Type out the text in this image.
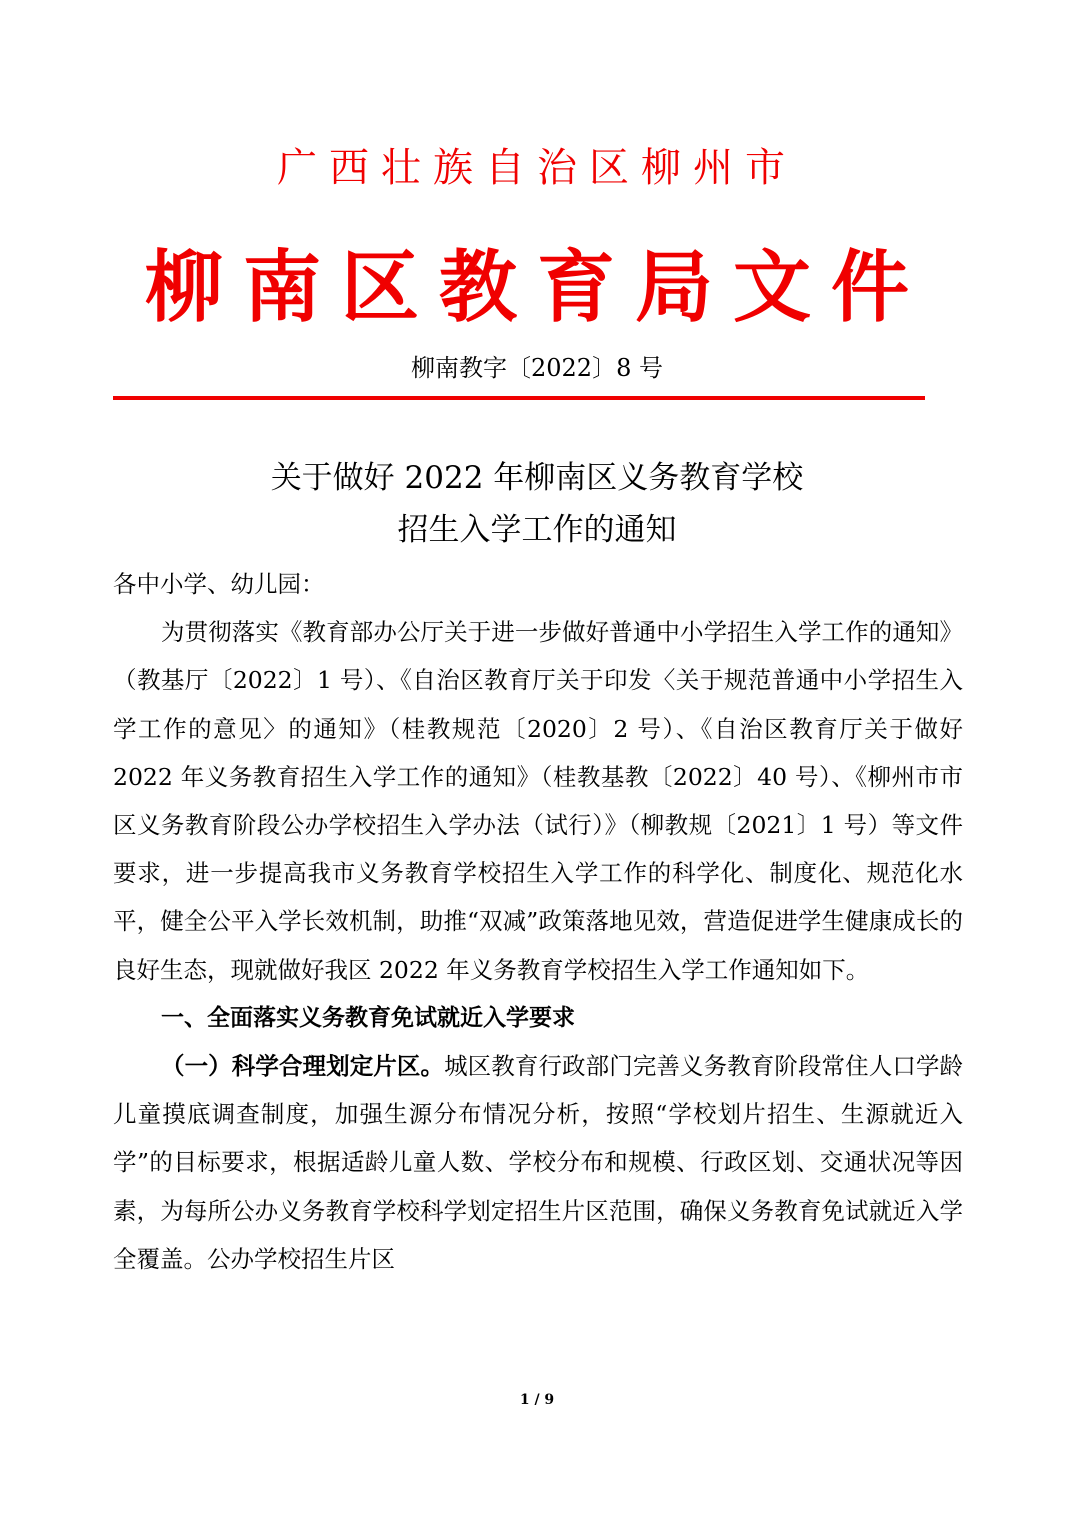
广西壮族自治区柳州市
柳南区教育局文件
柳南教字〔2022〕8 号
关于做好 2022 年柳南区义务教育学校
招生入学工作的通知

各中小学、幼儿园：

为贯彻落实《教育部办公厅关于进一步做好普通中小学招生入学工作的通知》（教基厅〔2022〕1 号）、《自治区教育厅关于印发〈关于规范普通中小学招生入学工作的意见〉的通知》（桂教规范〔2020〕2 号）、《自治区教育厅关于做好 2022 年义务教育招生入学工作的通知》（桂教基教〔2022〕40 号）、《柳州市市区义务教育阶段公办学校招生入学办法（试行）》（柳教规〔2021〕1 号）等文件要求，进一步提高我市义务教育学校招生入学工作的科学化、制度化、规范化水平，健全公平入学长效机制，助推“双减”政策落地见效，营造促进学生健康成长的良好生态，现就做好我区 2022 年义务教育学校招生入学工作通知如下。

一、全面落实义务教育免试就近入学要求

（一）科学合理划定片区。城区教育行政部门完善义务教育阶段常住人口学龄儿童摸底调查制度，加强生源分布情况分析，按照“学校划片招生、生源就近入学”的目标要求，根据适龄儿童人数、学校分布和规模、行政区划、交通状况等因素，为每所公办义务教育学校科学划定招生片区范围，确保义务教育免试就近入学全覆盖。公办学校招生片区

1 / 9
